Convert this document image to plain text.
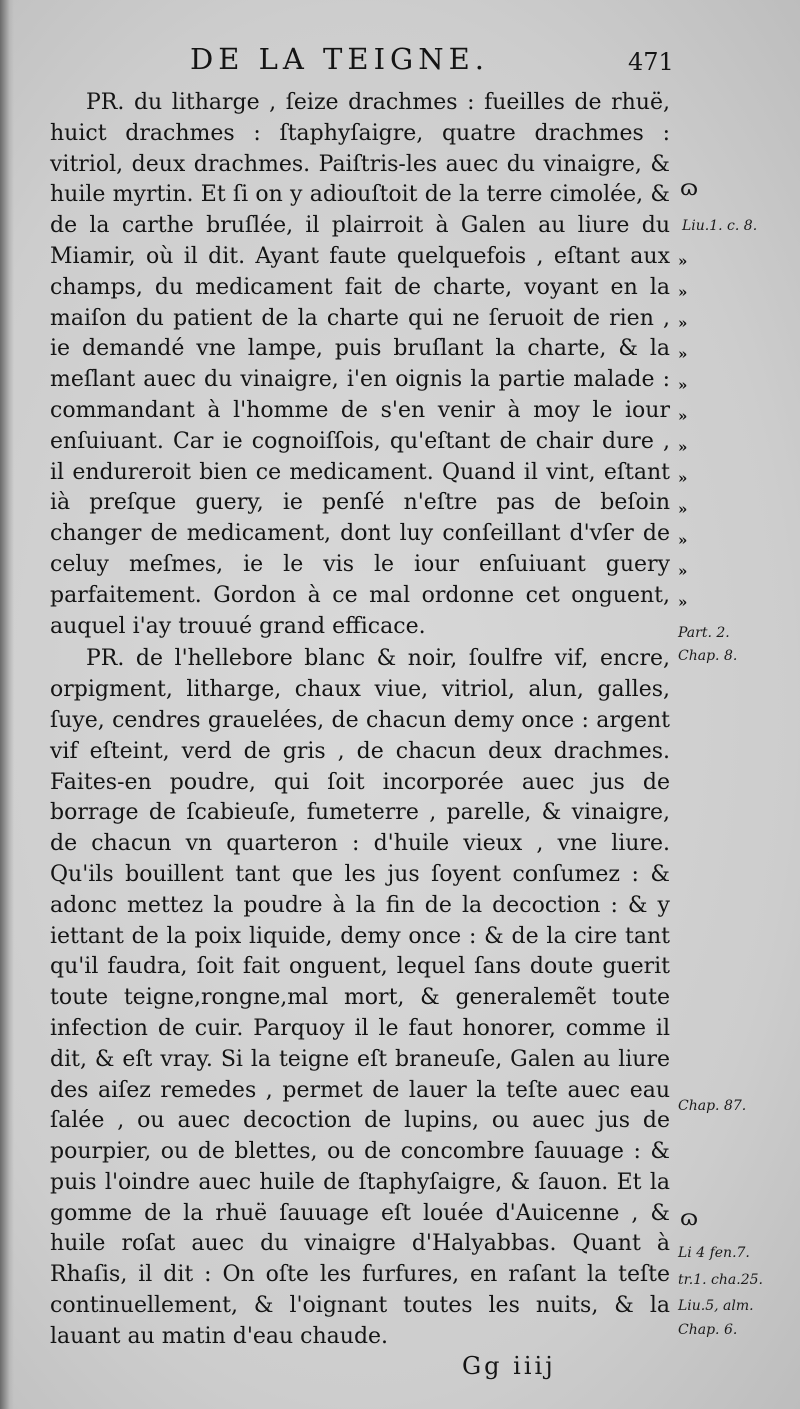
DE LA TEIGNE.	471

PR. du litharge , ſeize drachmes : fueilles de rhuë, huict drachmes : ſtaphyſaigre, quatre drachmes : vitriol, deux drachmes. Paiſtris-les auec du vinaigre, & huile myrtin. Et ſi on y adiouſtoit de la terre cimolée, & de la carthe bruſlée, il plairroit à Galen au liure du Miamir, où il dit. Ayant faute quelquefois , eſtant aux champs, du medicament fait de charte, voyant en la maiſon du patient de la charte qui ne ſeruoit de rien , ie demandé vne lampe, puis bruſlant la charte, & la meſlant auec du vinaigre, i'en oignis la partie malade : commandant à l'homme de s'en venir à moy le iour enſuiuant. Car ie cognoiſſois, qu'eſtant de chair dure , il endureroit bien ce medicament. Quand il vint, eſtant ià preſque guery, ie penſé n'eſtre pas de beſoin changer de medicament, dont luy conſeillant d'vſer de celuy meſmes, ie le vis le iour enſuiuant guery parfaitement. Gordon à ce mal ordonne cet onguent, auquel i'ay trouué grand efficace.

PR. de l'hellebore blanc & noir, ſoulfre vif, encre, orpigment, litharge, chaux viue, vitriol, alun, galles, ſuye, cendres grauelées, de chacun demy once : argent vif eſteint, verd de gris , de chacun deux drachmes. Faites-en poudre, qui ſoit incorporée auec jus de borrage de ſcabieuſe, fumeterre , parelle, & vinaigre, de chacun vn quarteron : d'huile vieux , vne liure. Qu'ils bouillent tant que les jus ſoyent conſumez : & adonc mettez la poudre à la fin de la decoction : & y iettant de la poix liquide, demy once : & de la cire tant qu'il faudra, ſoit fait onguent, lequel ſans doute guerit toute teigne,rongne,mal mort, & generalemẽt toute infection de cuir. Parquoy il le faut honorer, comme il dit, & eſt vray. Si la teigne eſt braneuſe, Galen au liure des aiſez remedes , permet de lauer la teſte auec eau ſalée , ou auec decoction de lupins, ou auec jus de pourpier, ou de blettes, ou de concombre ſauuage : & puis l'oindre auec huile de ſtaphyſaigre, & ſauon. Et la gomme de la rhuë ſauuage eſt louée d'Auicenne , & huile roſat auec du vinaigre d'Halyabbas. Quant à Rhaſis, il dit : On oſte les furfures, en raſant la teſte continuellement, & l'oignant toutes les nuits, & la lauant au matin d'eau chaude.

ɷ
Liu.1. c. 8.
»
»
»
»
»
»
»
»
»
»
»
»
Part. 2.
Chap. 8.
Chap. 87.
ɷ
Li 4 fen.7.
tr.1. cha.25.
Liu.5, alm.
Chap. 6.
Gg iiij
